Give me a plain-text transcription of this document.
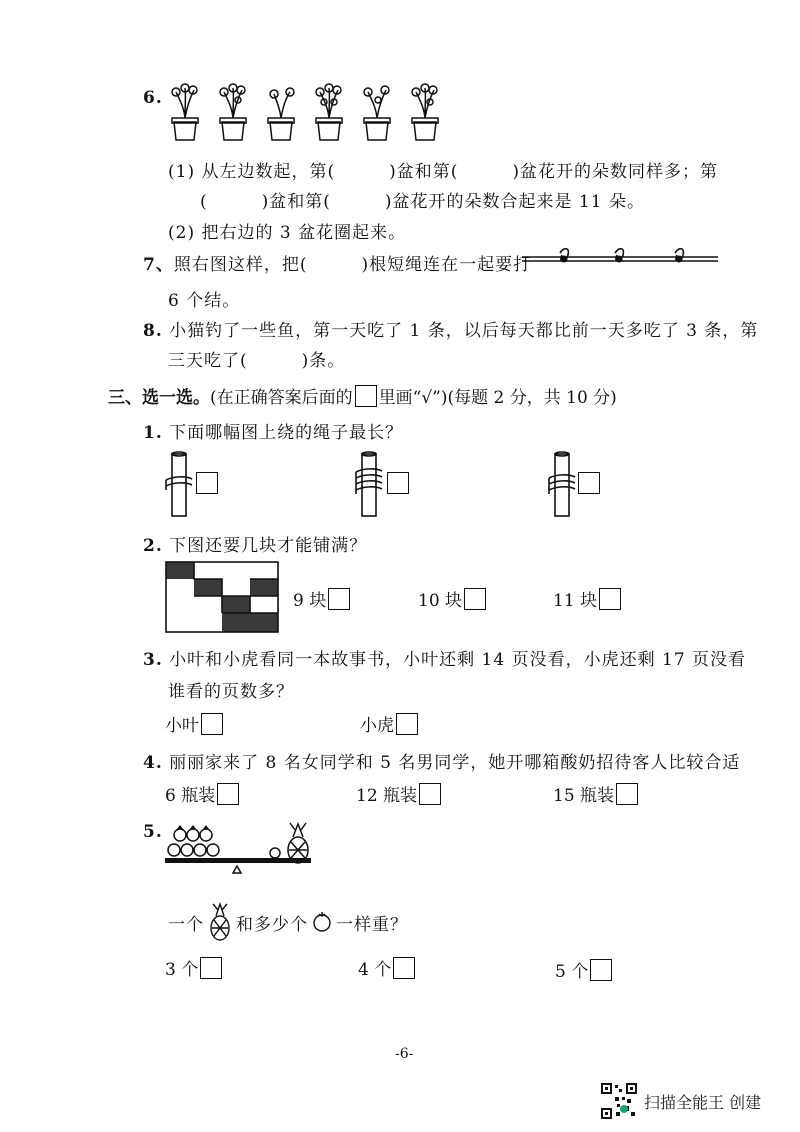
6.
(1) 从左边数起，第(　　　)盆和第(　　　)盆花开的朵数同样多；第
(　　　)盆和第(　　　)盆花开的朵数合起来是 11 朵。
(2) 把右边的 3 盆花圈起来。
7、照右图这样，把(　　　)根短绳连在一起要打
6 个结。
8. 小猫钓了一些鱼，第一天吃了 1 条，以后每天都比前一天多吃了 3 条，第
三天吃了(　　　)条。
三、选一选。 (在正确答案后面的 里画“√”)(每题 2 分，共 10 分)
1. 下面哪幅图上绕的绳子最长？
2. 下图还要几块才能铺满？
9 块	10 块	11 块
3. 小叶和小虎看同一本故事书，小叶还剩 14 页没看，小虎还剩 17 页没看
谁看的页数多？
小叶	小虎
4. 丽丽家来了 8 名女同学和 5 名男同学，她开哪箱酸奶招待客人比较合适
6 瓶装	12 瓶装	15 瓶装
5.
一个 和多少个 一样重？
3 个	4 个	5 个
-6-
扫描全能王 创建
